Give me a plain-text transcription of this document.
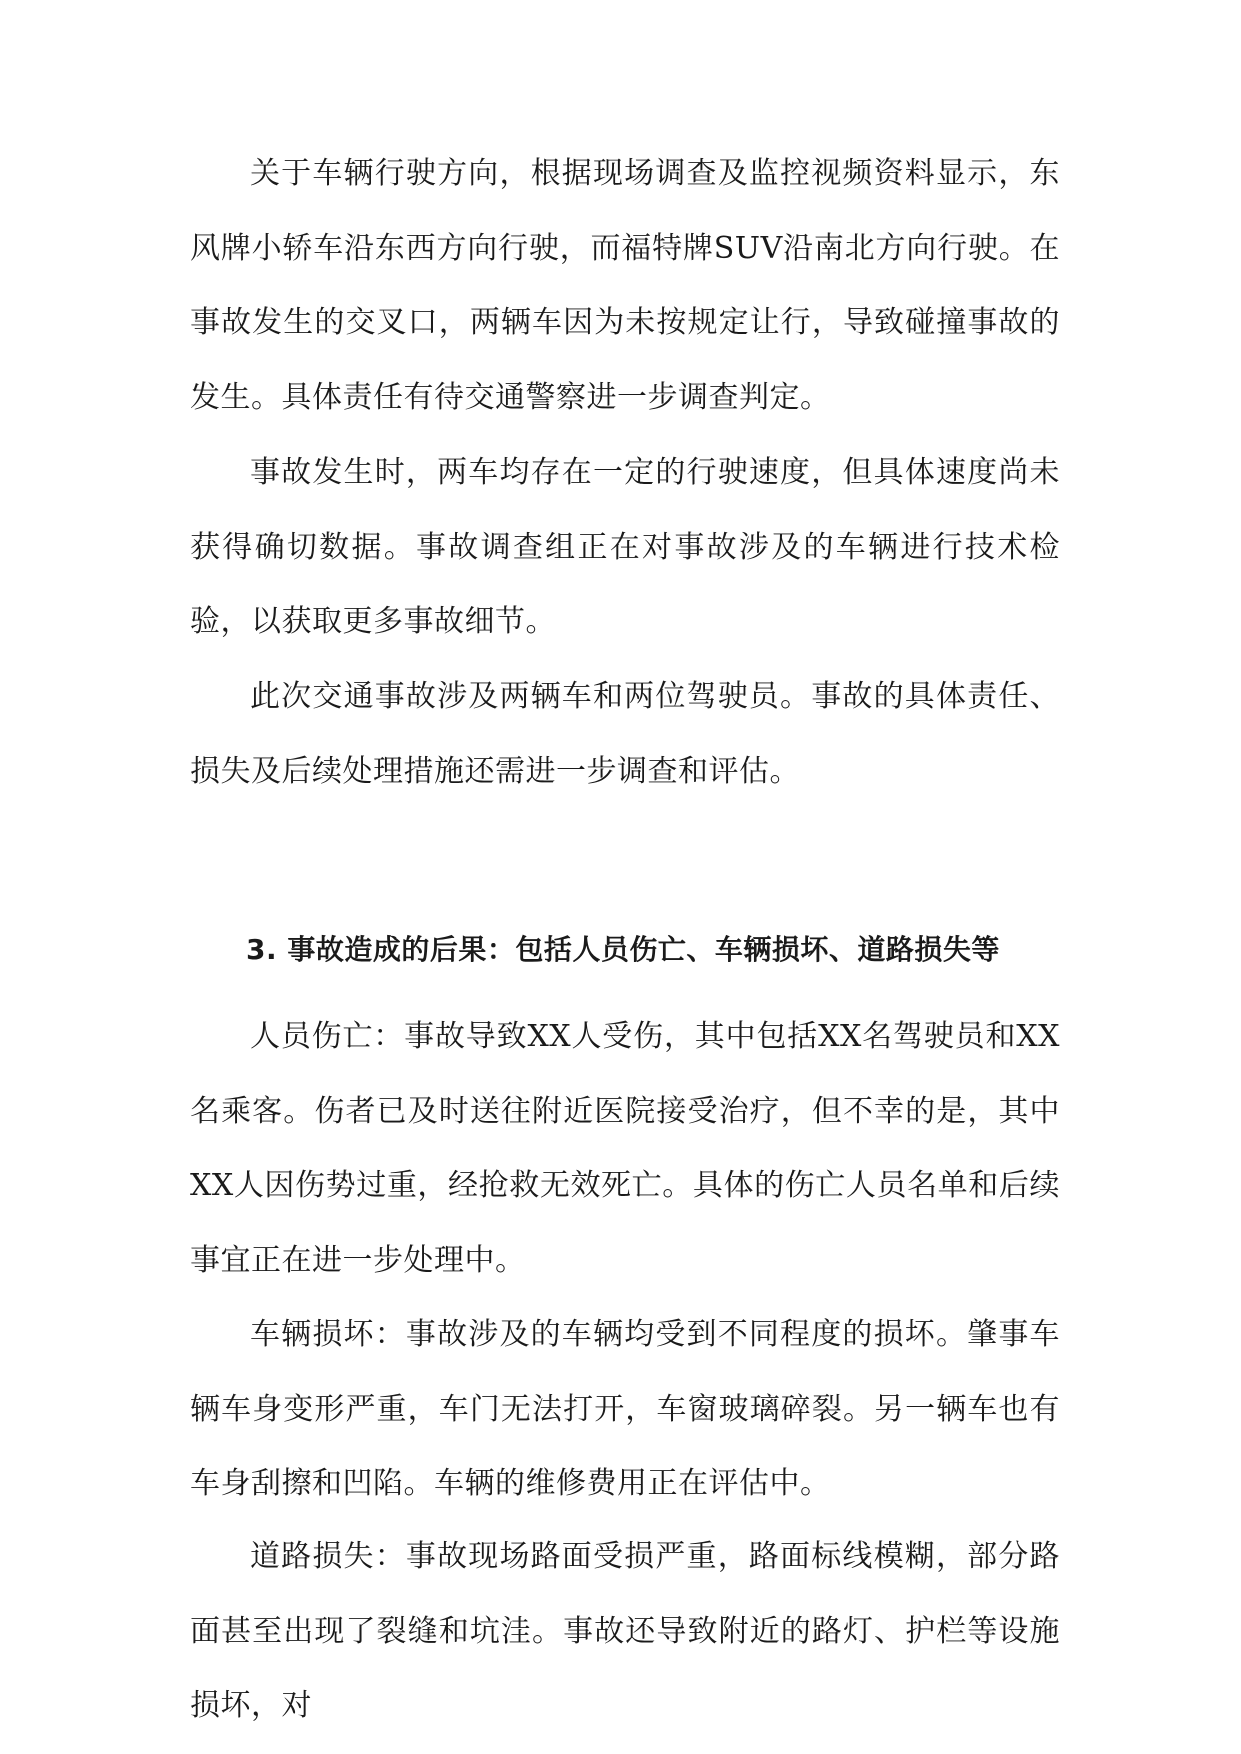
关于车辆行驶方向，根据现场调查及监控视频资料显示，东风牌小轿车沿东西方向行驶，而福特牌SUV沿南北方向行驶。在事故发生的交叉口，两辆车因为未按规定让行，导致碰撞事故的发生。具体责任有待交通警察进一步调查判定。

事故发生时，两车均存在一定的行驶速度，但具体速度尚未获得确切数据。事故调查组正在对事故涉及的车辆进行技术检验，以获取更多事故细节。

此次交通事故涉及两辆车和两位驾驶员。事故的具体责任、损失及后续处理措施还需进一步调查和评估。

3. 事故造成的后果：包括人员伤亡、车辆损坏、道路损失等

人员伤亡：事故导致XX人受伤，其中包括XX名驾驶员和XX名乘客。伤者已及时送往附近医院接受治疗，但不幸的是，其中XX人因伤势过重，经抢救无效死亡。具体的伤亡人员名单和后续事宜正在进一步处理中。

车辆损坏：事故涉及的车辆均受到不同程度的损坏。肇事车辆车身变形严重，车门无法打开，车窗玻璃碎裂。另一辆车也有车身刮擦和凹陷。车辆的维修费用正在评估中。

道路损失：事故现场路面受损严重，路面标线模糊，部分路面甚至出现了裂缝和坑洼。事故还导致附近的路灯、护栏等设施损坏，对
